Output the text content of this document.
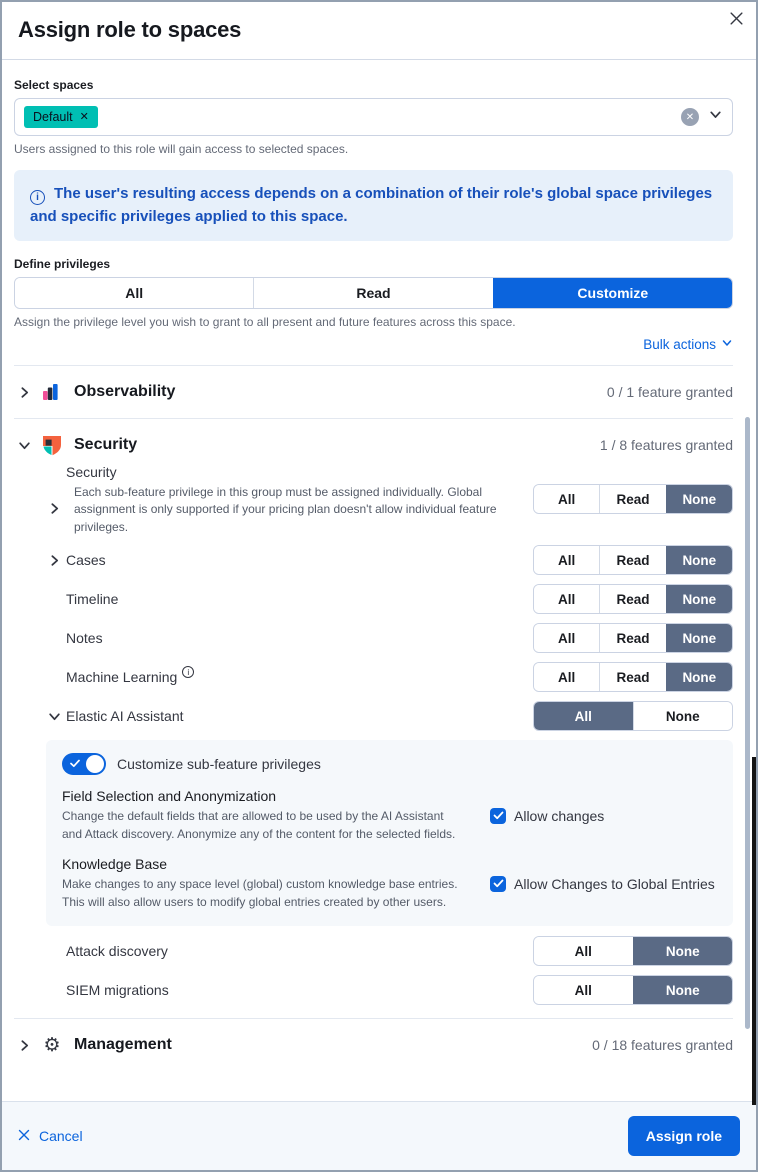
Assign role to spaces
Select spaces
Default ✕	✕
Users assigned to this role will gain access to selected spaces.
i The user's resulting access depends on a combination of their role's global space privileges and specific privileges applied to this space.
Define privileges
All	Read	Customize
Assign the privilege level you wish to grant to all present and future features across this space.
Bulk actions
Observability	0 / 1 feature granted
Security	1 / 8 features granted
Security

Each sub-feature privilege in this group must be assigned individually. Global assignment is only supported if your pricing plan doesn't allow individual feature privileges.

All	Read	None
Cases	All	Read	None
Timeline	All	Read	None
Notes	All	Read	None
Machine Learning	i	All	Read	None
Elastic AI Assistant	All	None
Customize sub-feature privileges
Field Selection and Anonymization

Change the default fields that are allowed to be used by the AI Assistant and Attack discovery. Anonymize any of the content for the selected fields.

Allow changes
Knowledge Base

Make changes to any space level (global) custom knowledge base entries. This will also allow users to modify global entries created by other users.

Allow Changes to Global Entries
Attack discovery	All	None
SIEM migrations	All	None
⚙ Management	0 / 18 features granted
Cancel	Assign role
